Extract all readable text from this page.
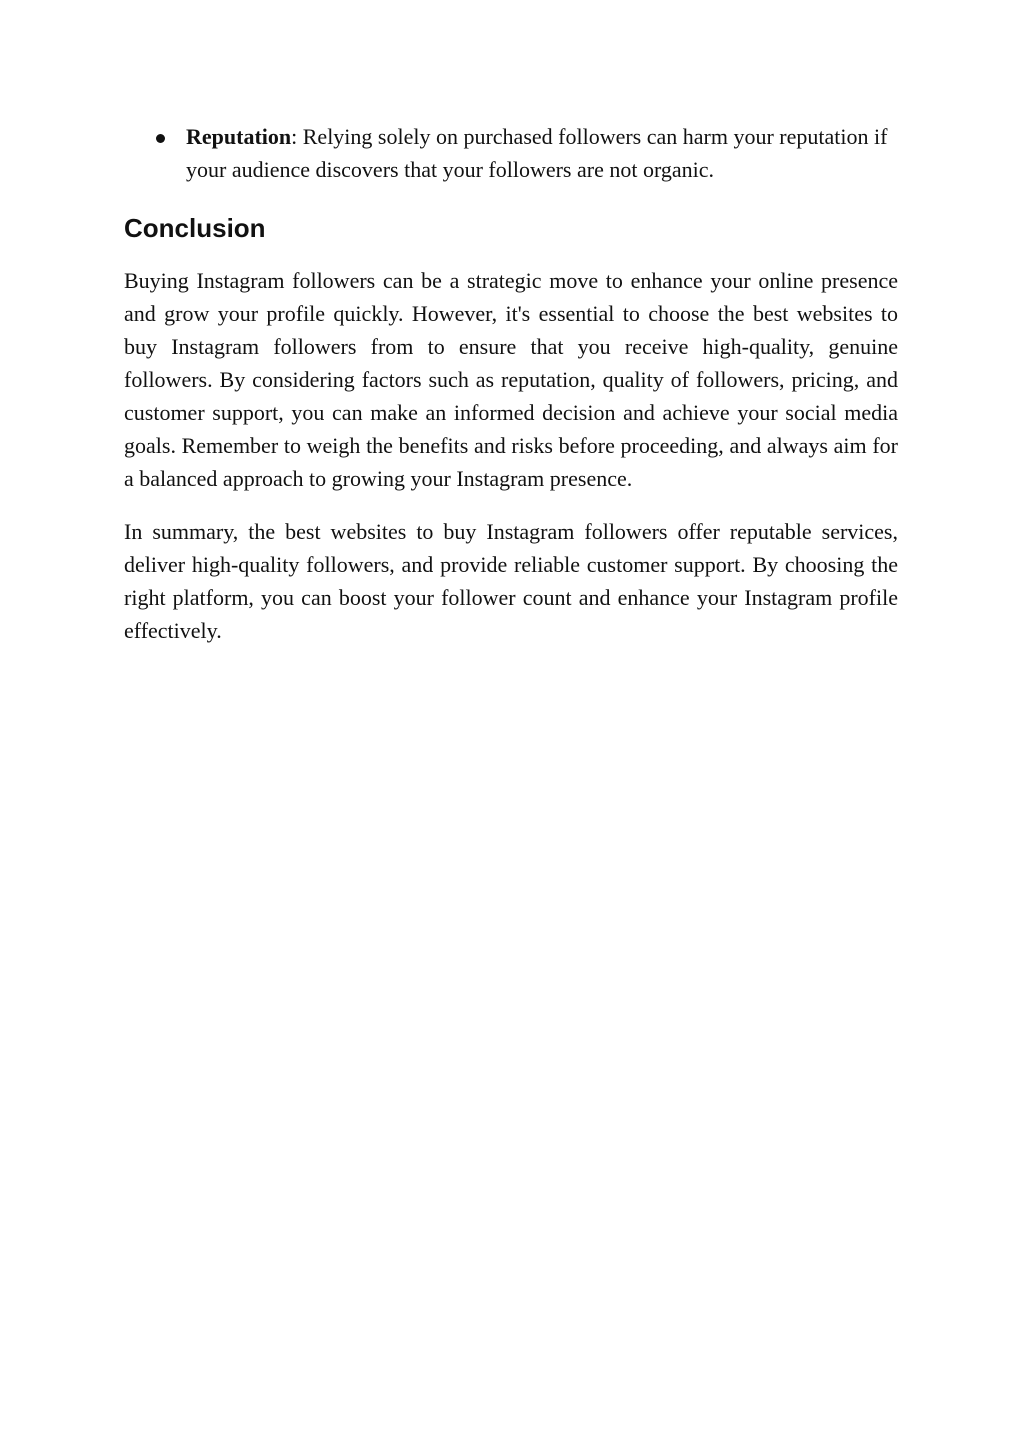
Reputation: Relying solely on purchased followers can harm your reputation if your audience discovers that your followers are not organic.
Conclusion

Buying Instagram followers can be a strategic move to enhance your online presence and grow your profile quickly. However, it's essential to choose the best websites to buy Instagram followers from to ensure that you receive high-quality, genuine followers. By considering factors such as reputation, quality of followers, pricing, and customer support, you can make an informed decision and achieve your social media goals. Remember to weigh the benefits and risks before proceeding, and always aim for a balanced approach to growing your Instagram presence.

In summary, the best websites to buy Instagram followers offer reputable services, deliver high-quality followers, and provide reliable customer support. By choosing the right platform, you can boost your follower count and enhance your Instagram profile effectively.
